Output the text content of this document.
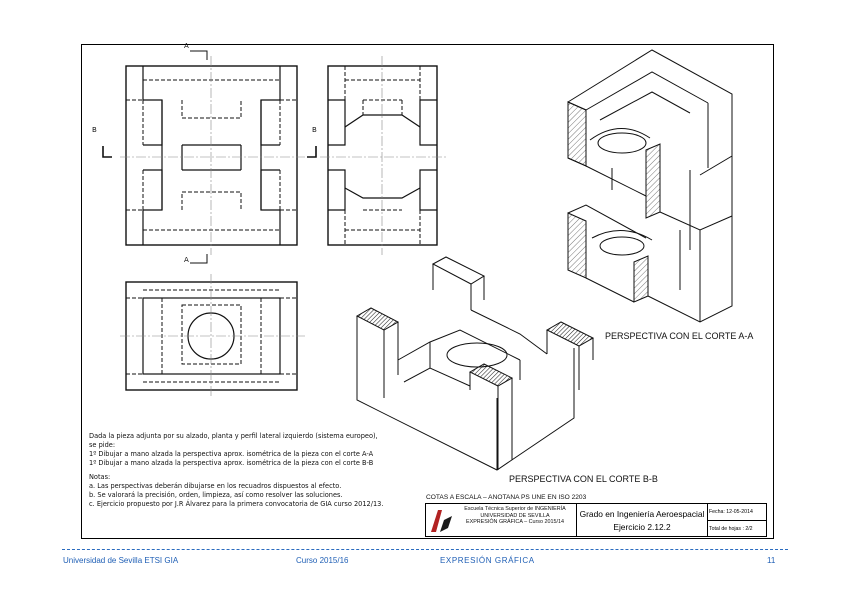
A
A
B	B
PERSPECTIVA CON EL CORTE A-A
PERSPECTIVA CON EL CORTE B-B
Dada la pieza adjunta por su alzado, planta y perfil lateral izquierdo (sistema europeo),
se pide:
1º Dibujar a mano alzada la perspectiva aprox. isométrica de la pieza con el corte A-A
1º Dibujar a mano alzada la perspectiva aprox. isométrica de la pieza con el corte B-B
Notas:
a. Las perspectivas deberán dibujarse en los recuadros dispuestos al efecto.
b. Se valorará la precisión, orden, limpieza, así como resolver las soluciones.
c. Ejercicio propuesto por J.R Álvarez para la primera convocatoria de GIA curso 2012/13.
COTAS A ESCALA – ANOTANA PS UNE EN ISO 2203
Escuela Técnica Superior de INGENIERÍA
UNIVERSIDAD DE SEVILLA
EXPRESIÓN GRÁFICA – Curso 2015/14
Grado en Ingeniería Aeroespacial
Ejercicio 2.12.2
Fecha: 12-05-2014
Total de hojas : 2/2
Universidad de Sevilla ETSI GIA	Curso 2015/16	EXPRESIÓN GRÁFICA	11
